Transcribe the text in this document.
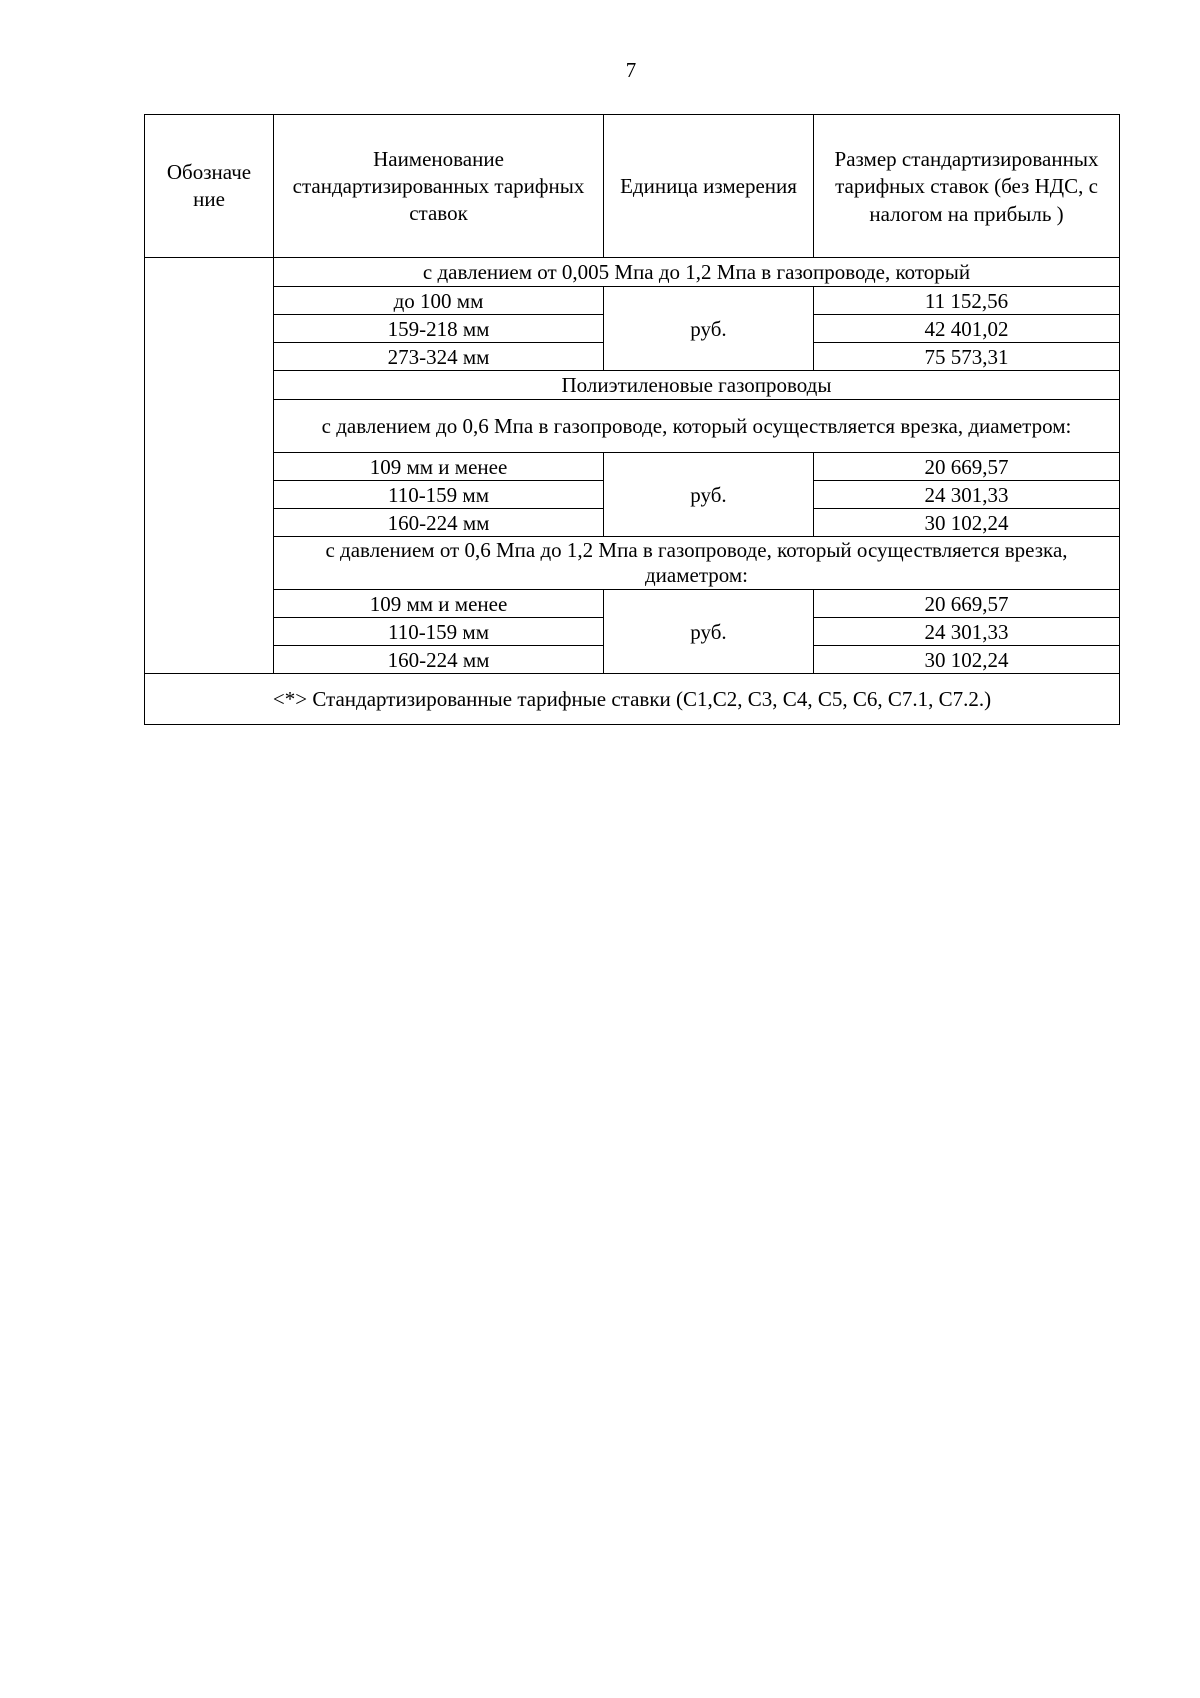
7
Обозначе ние	Наименование стандартизированных тарифных ставок	Единица измерения	Размер стандартизированных тарифных ставок (без НДС, с налогом на прибыль )
	с давлением от 0,005 Мпа до 1,2 Мпа в газопроводе, который		
	до 100 мм	руб.	11 152,56
	159-218 мм		42 401,02
	273-324 мм		75 573,31
	Полиэтиленовые газопроводы		
	с давлением до 0,6 Мпа в газопроводе, который осуществляется врезка, диаметром:		
	109 мм и менее	руб.	20 669,57
	110-159 мм		24 301,33
	160-224 мм		30 102,24
	с давлением от 0,6 Мпа до 1,2 Мпа в газопроводе, который осуществляется врезка, диаметром:		
	109 мм и менее	руб.	20 669,57
	110-159 мм		24 301,33
	160-224 мм		30 102,24
<*> Стандартизированные тарифные ставки (С1,С2, С3, С4, С5, С6, С7.1, С7.2.)			
